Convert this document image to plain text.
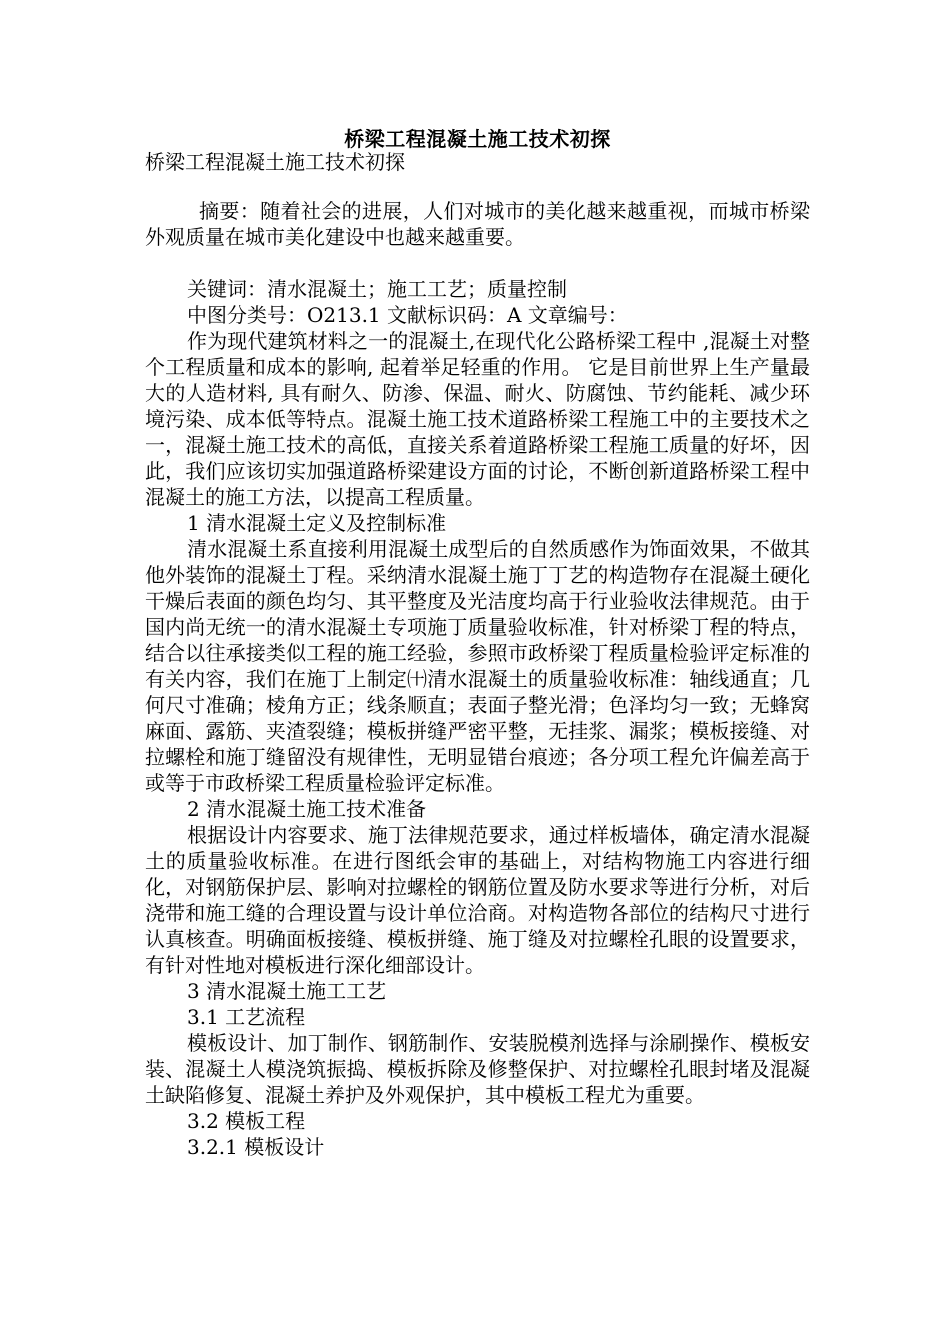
桥梁工程混凝土施工技术初探
桥梁工程混凝土施工技术初探

摘要：随着社会的进展，人们对城市的美化越来越重视，而城市桥梁外观质量在城市美化建设中也越来越重要。

关键词：清水混凝土；施工工艺；质量控制

中图分类号：O213.1 文献标识码：A 文章编号：

作为现代建筑材料之一的混凝土,在现代化公路桥梁工程中 ,混凝土对整个工程质量和成本的影响, 起着举足轻重的作用。 它是目前世界上生产量最大的人造材料, 具有耐久、防渗、保温、耐火、防腐蚀、节约能耗、减少环境污染、成本低等特点。混凝土施工技术道路桥梁工程施工中的主要技术之一，混凝土施工技术的高低，直接关系着道路桥梁工程施工质量的好坏，因此，我们应该切实加强道路桥梁建设方面的讨论，不断创新道路桥梁工程中混凝土的施工方法，以提高工程质量。

1 清水混凝土定义及控制标准

清水混凝土系直接利用混凝土成型后的自然质感作为饰面效果，不做其他外装饰的混凝土丁程。采纳清水混凝土施丁丁艺的构造物存在混凝土硬化干燥后表面的颜色均匀、其平整度及光洁度均高于行业验收法律规范。由于国内尚无统一的清水混凝土专项施丁质量验收标准，针对桥梁丁程的特点，结合以往承接类似工程的施工经验，参照市政桥梁丁程质量检验评定标准的有关内容，我们在施丁上制定㈩清水混凝土的质量验收标准：轴线通直；几何尺寸准确；棱角方正；线条顺直；表面子整光滑；色泽均匀一致；无蜂窝麻面、露筋、夹渣裂缝；模板拼缝严密平整，无挂浆、漏浆；模板接缝、对拉螺栓和施丁缝留没有规律性，无明显错台痕迹；各分项工程允许偏差高于或等于市政桥梁工程质量检验评定标准。

2 清水混凝土施工技术准备

根据设计内容要求、施丁法律规范要求，通过样板墙体，确定清水混凝土的质量验收标准。在进行图纸会审的基础上，对结构物施工内容进行细化，对钢筋保护层、影响对拉螺栓的钢筋位置及防水要求等进行分析，对后浇带和施工缝的合理设置与设计单位洽商。对构造物各部位的结构尺寸进行认真核查。明确面板接缝、模板拼缝、施丁缝及对拉螺栓孔眼的设置要求，有针对性地对模板进行深化细部设计。

3 清水混凝土施工工艺

3.1 工艺流程

模板设计、加丁制作、钢筋制作、安装脱模剂选择与涂刷操作、模板安装、混凝土人模浇筑振捣、模板拆除及修整保护、对拉螺栓孔眼封堵及混凝土缺陷修复、混凝土养护及外观保护，其中模板工程尤为重要。

3.2 模板工程

3.2.1 模板设计
